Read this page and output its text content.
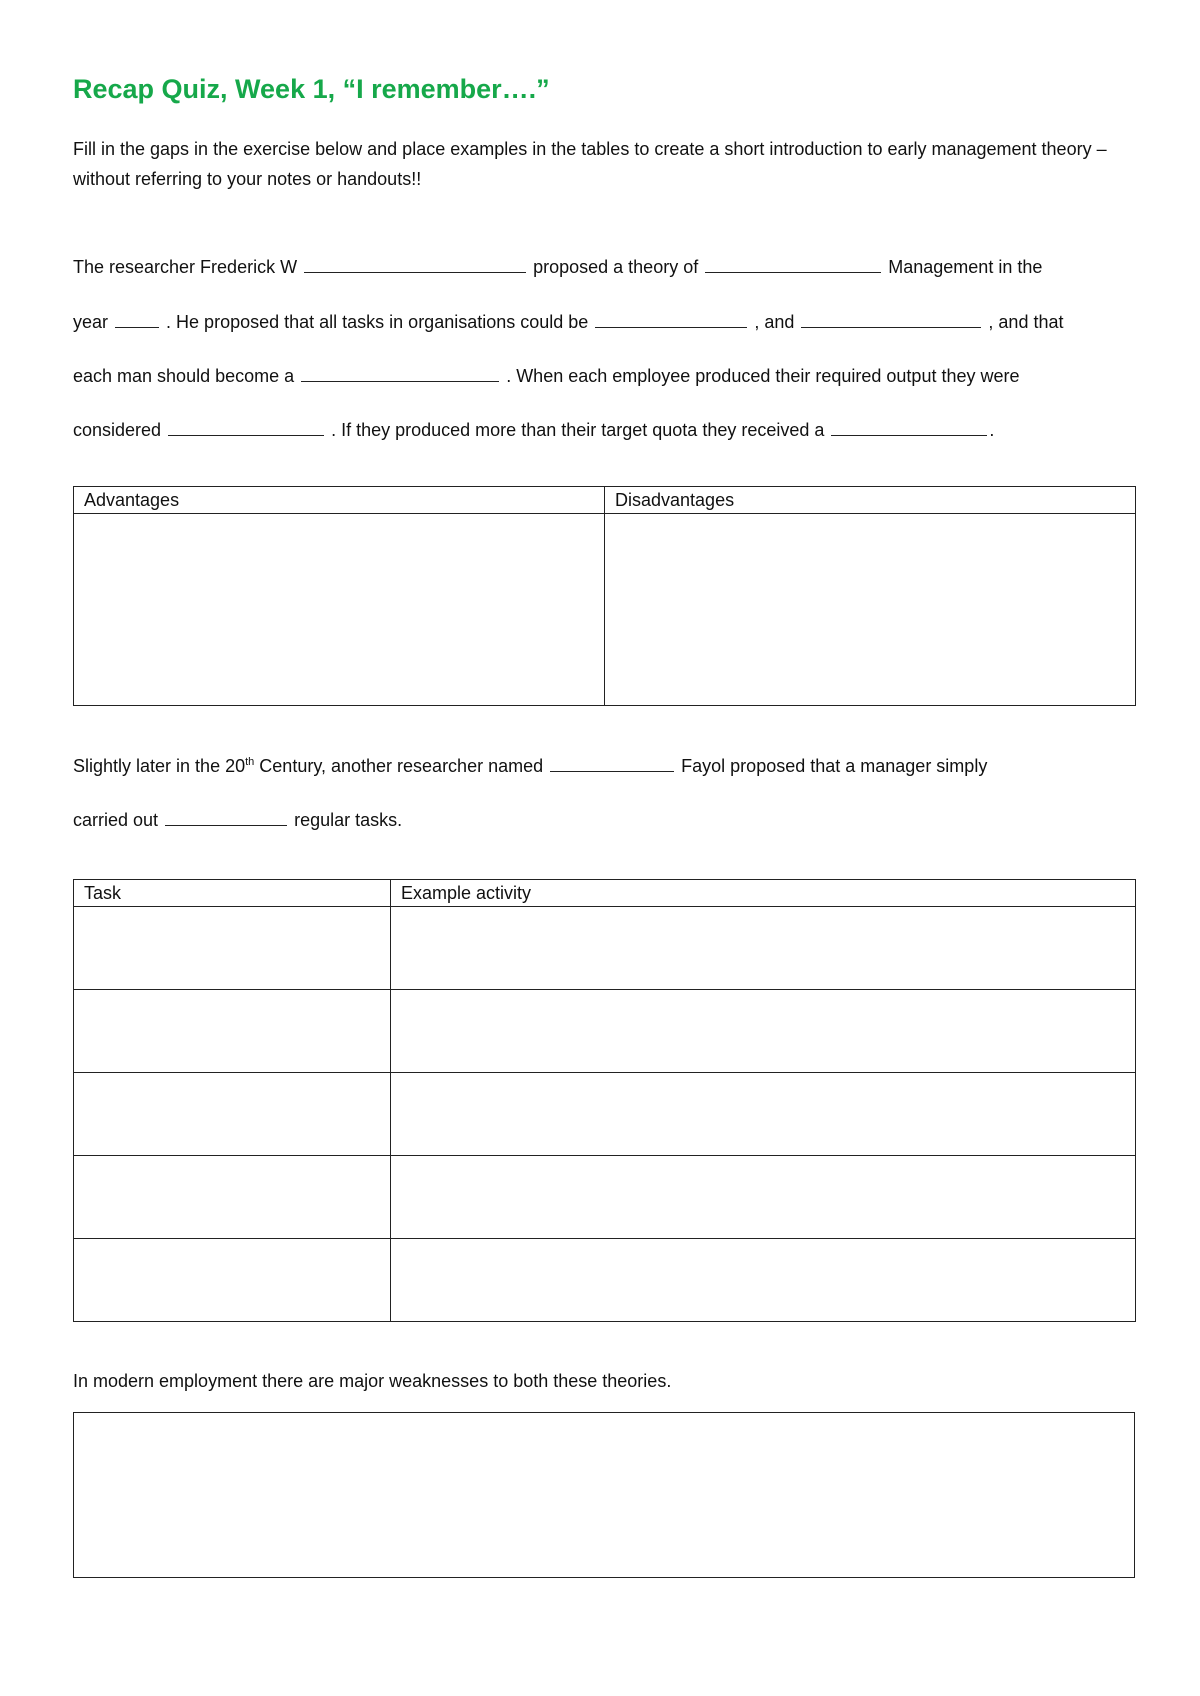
Recap Quiz, Week 1, “I remember….”

Fill in the gaps in the exercise below and place examples in the tables to create a short introduction to early management theory – without referring to your notes or handouts!!

The researcher Frederick W	proposed a theory of	Management in the
year	. He proposed that all tasks in organisations could be	, and	, and that
each man should become a	. When each employee produced their required output they were
considered	. If they produced more than their target quota they received a	.
Advantages	Disadvantages

Slightly later in the 20th Century, another researcher named	Fayol proposed that a manager simply
carried out	regular tasks.
Task	Example activity

In modern employment there are major weaknesses to both these theories.
